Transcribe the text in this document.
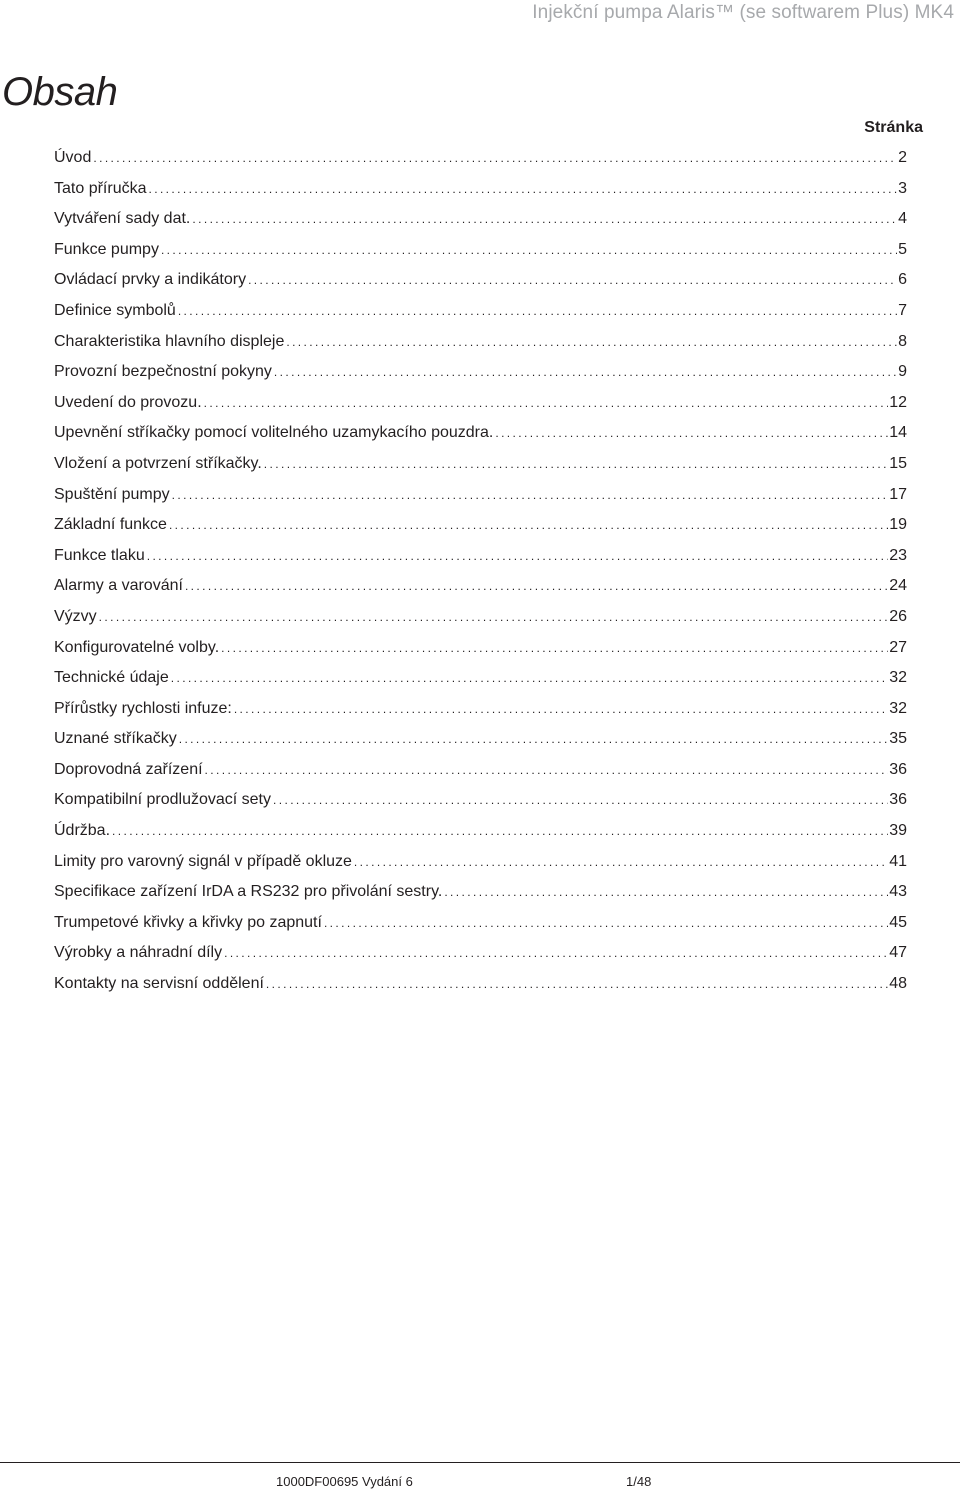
Injekční pumpa Alaris™ (se softwarem Plus) MK4
Obsah
Stránka
Úvod .....	2
Tato příručka .....	3
Vytváření sady dat. .....	4
Funkce pumpy .....	5
Ovládací prvky a indikátory .....	6
Definice symbolů .....	7
Charakteristika hlavního displeje .....	8
Provozní bezpečnostní pokyny .....	9
Uvedení do provozu. .....	12
Upevnění stříkačky pomocí volitelného uzamykacího pouzdra. .....	14
Vložení a potvrzení stříkačky. .....	15
Spuštění pumpy .....	17
Základní funkce .....	19
Funkce tlaku .....	23
Alarmy a varování .....	24
Výzvy .....	26
Konfigurovatelné volby. .....	27
Technické údaje .....	32
Přírůstky rychlosti infuze: .....	32
Uznané stříkačky .....	35
Doprovodná zařízení .....	36
Kompatibilní prodlužovací sety .....	36
Údržba. .....	39
Limity pro varovný signál v případě okluze .....	41
Specifikace zařízení IrDA a RS232 pro přivolání sestry. .....	43
Trumpetové křivky a křivky po zapnutí .....	45
Výrobky a náhradní díly .....	47
Kontakty na servisní oddělení .....	48
1000DF00695 Vydání 6	1/48
